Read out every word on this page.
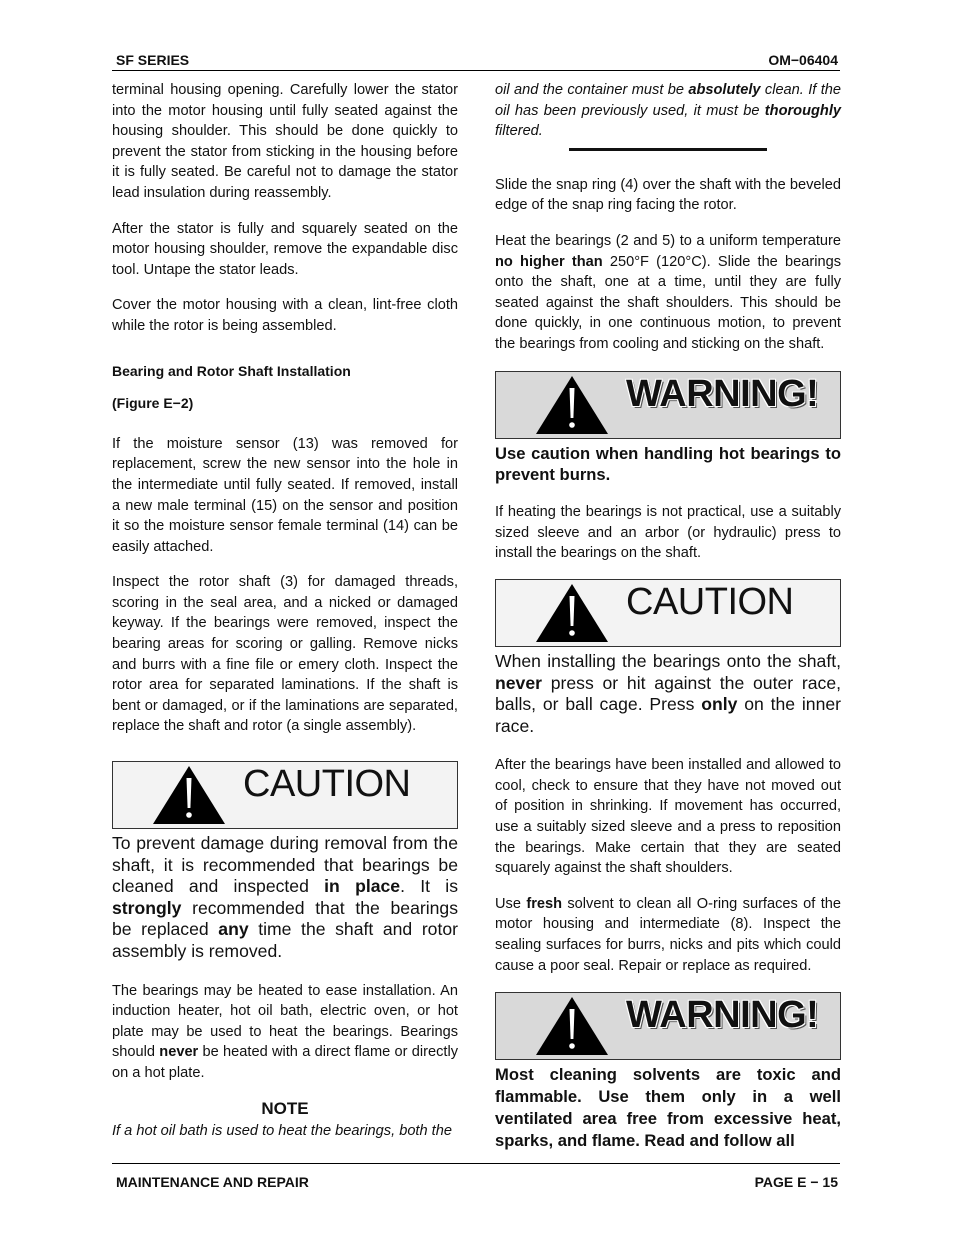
SF SERIES	OM−06404

terminal housing opening. Carefully lower the stator into the motor housing until fully seated against the housing shoulder. This should be done quickly to prevent the stator from sticking in the housing before it is fully seated. Be careful not to damage the stator lead insulation during reassembly.

After the stator is fully and squarely seated on the motor housing shoulder, remove the expandable disc tool. Untape the stator leads.

Cover the motor housing with a clean, lint-free cloth while the rotor is being assembled.

Bearing and Rotor Shaft Installation
(Figure E−2)

If the moisture sensor (13) was removed for replacement, screw the new sensor into the hole in the intermediate until fully seated. If removed, install a new male terminal (15) on the sensor and position it so the moisture sensor female terminal (14) can be easily attached.

Inspect the rotor shaft (3) for damaged threads, scoring in the seal area, and a nicked or damaged keyway. If the bearings were removed, inspect the bearing areas for scoring or galling. Remove nicks and burrs with a fine file or emery cloth. Inspect the rotor area for separated laminations. If the shaft is bent or damaged, or if the laminations are separated, replace the shaft and rotor (a single assembly).

CAUTION

To prevent damage during removal from the shaft, it is recommended that bearings be cleaned and inspected in place. It is strongly recommended that the bearings be replaced any time the shaft and rotor assembly is removed.

The bearings may be heated to ease installation. An induction heater, hot oil bath, electric oven, or hot plate may be used to heat the bearings. Bearings should never be heated with a direct flame or directly on a hot plate.

NOTE

If a hot oil bath is used to heat the bearings, both the

oil and the container must be absolutely clean. If the oil has been previously used, it must be thoroughly filtered.

Slide the snap ring (4) over the shaft with the beveled edge of the snap ring facing the rotor.

Heat the bearings (2 and 5) to a uniform temperature no higher than 250°F (120°C). Slide the bearings onto the shaft, one at a time, until they are fully seated against the shaft shoulders. This should be done quickly, in one continuous motion, to prevent the bearings from cooling and sticking on the shaft.

WARNING!

Use caution when handling hot bearings to prevent burns.

If heating the bearings is not practical, use a suitably sized sleeve and an arbor (or hydraulic) press to install the bearings on the shaft.

CAUTION

When installing the bearings onto the shaft, never press or hit against the outer race, balls, or ball cage. Press only on the inner race.

After the bearings have been installed and allowed to cool, check to ensure that they have not moved out of position in shrinking. If movement has occurred, use a suitably sized sleeve and a press to reposition the bearings. Make certain that they are seated squarely against the shaft shoulders.

Use fresh solvent to clean all O-ring surfaces of the motor housing and intermediate (8). Inspect the sealing surfaces for burrs, nicks and pits which could cause a poor seal. Repair or replace as required.

WARNING!

Most cleaning solvents are toxic and flammable. Use them only in a well ventilated area free from excessive heat, sparks, and flame. Read and follow all

MAINTENANCE AND REPAIR	PAGE E − 15
